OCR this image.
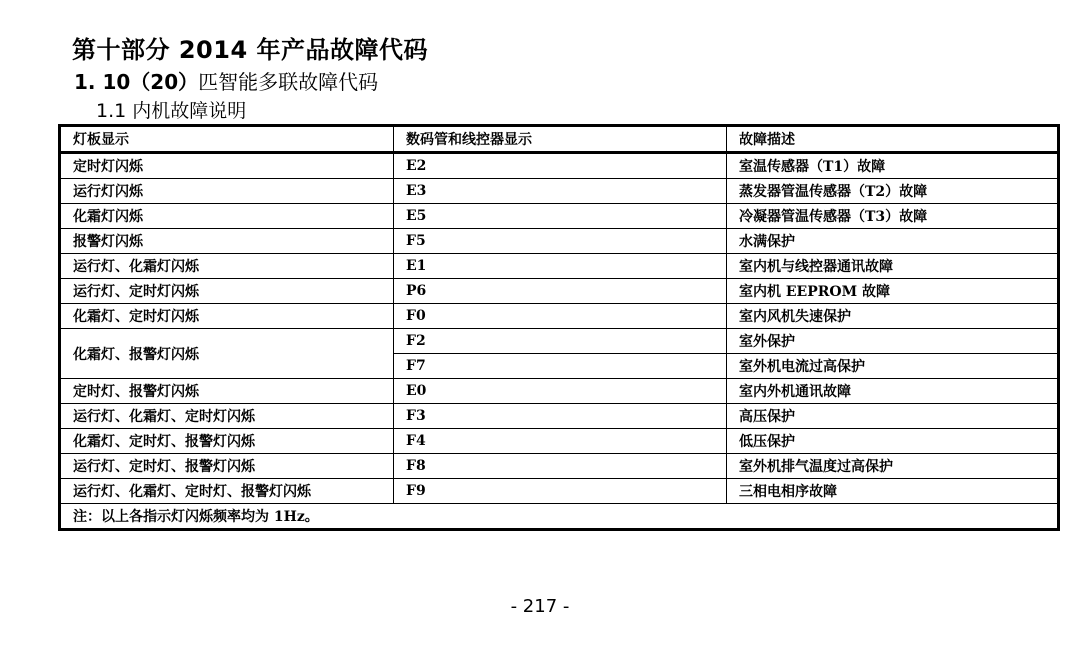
第十部分 2014 年产品故障代码
1. 10（20）匹智能多联故障代码
1.1 内机故障说明
灯板显示	数码管和线控器显示	故障描述
定时灯闪烁	E2	室温传感器（T1）故障
运行灯闪烁	E3	蒸发器管温传感器（T2）故障
化霜灯闪烁	E5	冷凝器管温传感器（T3）故障
报警灯闪烁	F5	水满保护
运行灯、化霜灯闪烁	E1	室内机与线控器通讯故障
运行灯、定时灯闪烁	P6	室内机 EEPROM 故障
化霜灯、定时灯闪烁	F0	室内风机失速保护
化霜灯、报警灯闪烁	F2	室外保护
	F7	室外机电流过高保护
定时灯、报警灯闪烁	E0	室内外机通讯故障
运行灯、化霜灯、定时灯闪烁	F3	高压保护
化霜灯、定时灯、报警灯闪烁	F4	低压保护
运行灯、定时灯、报警灯闪烁	F8	室外机排气温度过高保护
运行灯、化霜灯、定时灯、报警灯闪烁	F9	三相电相序故障
注：以上各指示灯闪烁频率均为 1Hz。		
- 217 -
